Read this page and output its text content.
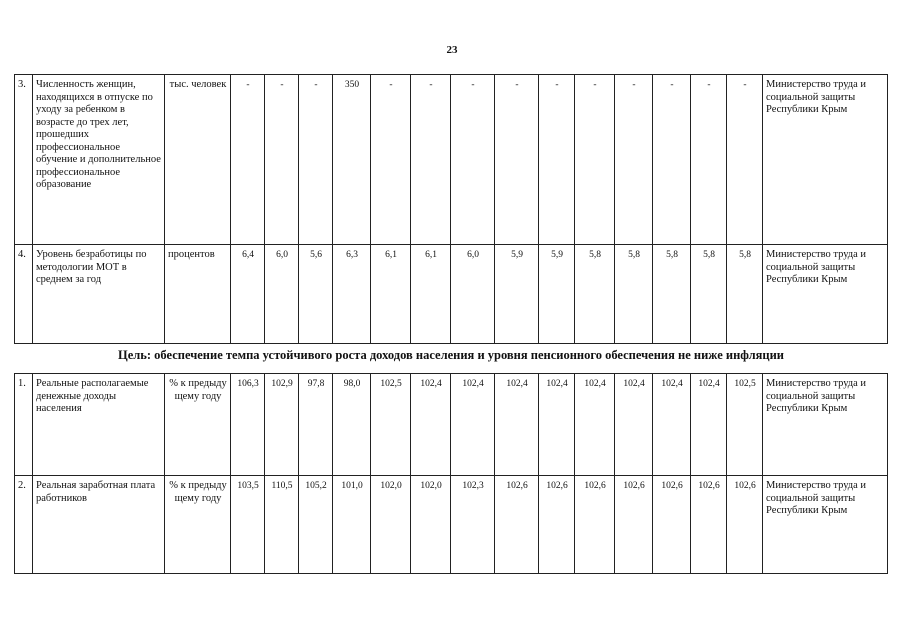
23
3.	Численность женщин, находящихся в отпуске по уходу за ребенком в возрасте до трех лет, прошедших профессиональное обучение и дополнительное профессиональное образование	тыс. человек	-	-	-	350	-	-	-	-	-	-	-	-	-	-	Министерство труда и социальной защиты Республики Крым
4.	Уровень безработицы по методологии МОТ в среднем за год	процентов	6,4	6,0	5,6	6,3	6,1	6,1	6,0	5,9	5,9	5,8	5,8	5,8	5,8	5,8	Министерство труда и социальной защиты Республики Крым
Цель: обеспечение темпа устойчивого роста доходов населения и уровня пенсионного обеспечения не ниже инфляции																	
1.	Реальные располагаемые денежные доходы населения	% к предыду щему году	106,3	102,9	97,8	98,0	102,5	102,4	102,4	102,4	102,4	102,4	102,4	102,4	102,4	102,5	Министерство труда и социальной защиты Республики Крым
2.	Реальная заработная плата работников	% к предыду щему году	103,5	110,5	105,2	101,0	102,0	102,0	102,3	102,6	102,6	102,6	102,6	102,6	102,6	102,6	Министерство труда и социальной защиты Республики Крым
